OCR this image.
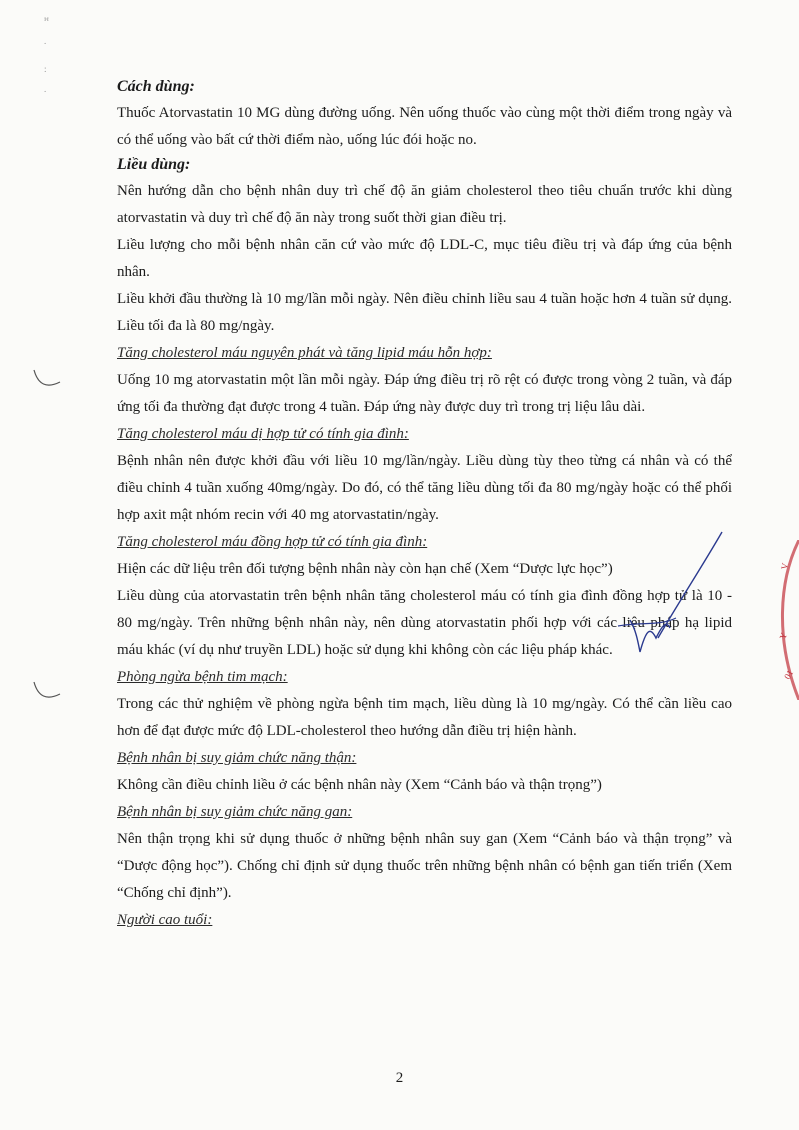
ꟸ
.
:
.	Cách dùng:
Thuốc Atorvastatin 10 MG dùng đường uống. Nên uống thuốc vào cùng một thời điểm trong ngày và có thể uống vào bất cứ thời điểm nào, uống lúc đói hoặc no.
Liều dùng:
Nên hướng dẫn cho bệnh nhân duy trì chế độ ăn giảm cholesterol theo tiêu chuẩn trước khi dùng atorvastatin và duy trì chế độ ăn này trong suốt thời gian điều trị.
Liều lượng cho mỗi bệnh nhân căn cứ vào mức độ LDL-C, mục tiêu điều trị và đáp ứng của bệnh nhân.
Liều khởi đầu thường là 10 mg/lần mỗi ngày. Nên điều chỉnh liều sau 4 tuần hoặc hơn 4 tuần sử dụng. Liều tối đa là 80 mg/ngày.
Tăng cholesterol máu nguyên phát và tăng lipid máu hỗn hợp:
Uống 10 mg atorvastatin một lần mỗi ngày. Đáp ứng điều trị rõ rệt có được trong vòng 2 tuần, và đáp ứng tối đa thường đạt được trong 4 tuần. Đáp ứng này được duy trì trong trị liệu lâu dài.
Tăng cholesterol máu dị hợp tử có tính gia đình:
Bệnh nhân nên được khởi đầu với liều 10 mg/lần/ngày. Liều dùng tùy theo từng cá nhân và có thể điều chỉnh 4 tuần xuống 40mg/ngày. Do đó, có thể tăng liều dùng tối đa 80 mg/ngày hoặc có thể phối hợp axit mật nhóm recin với 40 mg atorvastatin/ngày.
Tăng cholesterol máu đồng hợp tử có tính gia đình:
Hiện các dữ liệu trên đối tượng bệnh nhân này còn hạn chế (Xem “Dược lực học”)
Liều dùng của atorvastatin trên bệnh nhân tăng cholesterol máu có tính gia đình đồng hợp tử là 10 - 80 mg/ngày. Trên những bệnh nhân này, nên dùng atorvastatin phối hợp với các liệu pháp hạ lipid máu khác (ví dụ như truyền LDL) hoặc sử dụng khi không còn các liệu pháp khác.
Phòng ngừa bệnh tim mạch:
Trong các thử nghiệm về phòng ngừa bệnh tim mạch, liều dùng là 10 mg/ngày. Có thể cần liều cao hơn để đạt được mức độ LDL-cholesterol theo hướng dẫn điều trị hiện hành.
Bệnh nhân bị suy giảm chức năng thận:
Không cần điều chỉnh liều ở các bệnh nhân này (Xem “Cảnh báo và thận trọng”)
Bệnh nhân bị suy giảm chức năng gan:
Nên thận trọng khi sử dụng thuốc ở những bệnh nhân suy gan (Xem “Cảnh báo và thận trọng” và “Dược động học”). Chống chỉ định sử dụng thuốc trên những bệnh nhân có bệnh gan tiến triển (Xem “Chống chỉ định”).
Người cao tuổi:
V
Y
01
2
